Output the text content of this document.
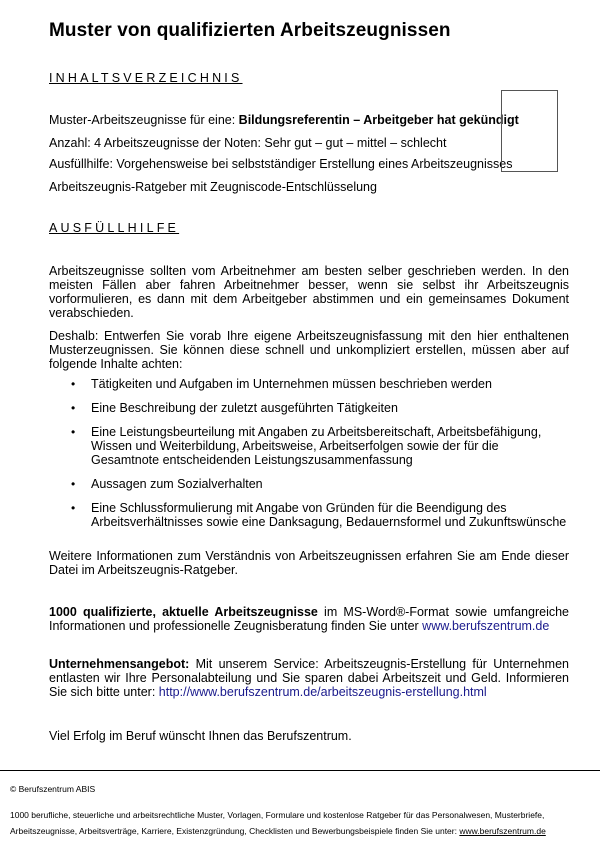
Muster von qualifizierten Arbeitszeugnissen
INHALTSVERZEICHNIS
Muster-Arbeitszeugnisse für eine: Bildungsreferentin – Arbeitgeber hat gekündigt
Anzahl: 4 Arbeitszeugnisse der Noten: Sehr gut – gut – mittel – schlecht
Ausfüllhilfe: Vorgehensweise bei selbstständiger Erstellung eines Arbeitszeugnisses
Arbeitszeugnis-Ratgeber mit Zeugniscode-Entschlüsselung
AUSFÜLLHILFE

Arbeitszeugnisse sollten vom Arbeitnehmer am besten selber geschrieben werden. In den meisten Fällen aber fahren Arbeitnehmer besser, wenn sie selbst ihr Arbeitszeugnis vorformulieren, es dann mit dem Arbeitgeber abstimmen und ein gemeinsames Dokument verabschieden.

Deshalb: Entwerfen Sie vorab Ihre eigene Arbeitszeugnisfassung mit den hier enthaltenen Musterzeugnissen. Sie können diese schnell und unkompliziert erstellen, müssen aber auf folgende Inhalte achten:

• Tätigkeiten und Aufgaben im Unternehmen müssen beschrieben werden
• Eine Beschreibung der zuletzt ausgeführten Tätigkeiten
• Eine Leistungsbeurteilung mit Angaben zu Arbeitsbereitschaft, Arbeitsbefähigung, Wissen und Weiterbildung, Arbeitsweise, Arbeitserfolgen sowie der für die Gesamtnote entscheidenden Leistungszusammenfassung
• Aussagen zum Sozialverhalten
• Eine Schlussformulierung mit Angabe von Gründen für die Beendigung des Arbeitsverhältnisses sowie eine Danksagung, Bedauernsformel und Zukunftswünsche

Weitere Informationen zum Verständnis von Arbeitszeugnissen erfahren Sie am Ende dieser Datei im Arbeitszeugnis-Ratgeber.

1000 qualifizierte, aktuelle Arbeitszeugnisse im MS-Word®-Format sowie umfangreiche Informationen und professionelle Zeugnisberatung finden Sie unter www.berufszentrum.de

Unternehmensangebot: Mit unserem Service: Arbeitszeugnis-Erstellung für Unternehmen entlasten wir Ihre Personalabteilung und Sie sparen dabei Arbeitszeit und Geld. Informieren Sie sich bitte unter: http://www.berufszentrum.de/arbeitszeugnis-erstellung.html

Viel Erfolg im Beruf wünscht Ihnen das Berufszentrum.

© Berufszentrum ABIS
1000 berufliche, steuerliche und arbeitsrechtliche Muster, Vorlagen, Formulare und kostenlose Ratgeber für das Personalwesen, Musterbriefe,
Arbeitszeugnisse, Arbeitsverträge, Karriere, Existenzgründung, Checklisten und Bewerbungsbeispiele finden Sie unter: www.berufszentrum.de
